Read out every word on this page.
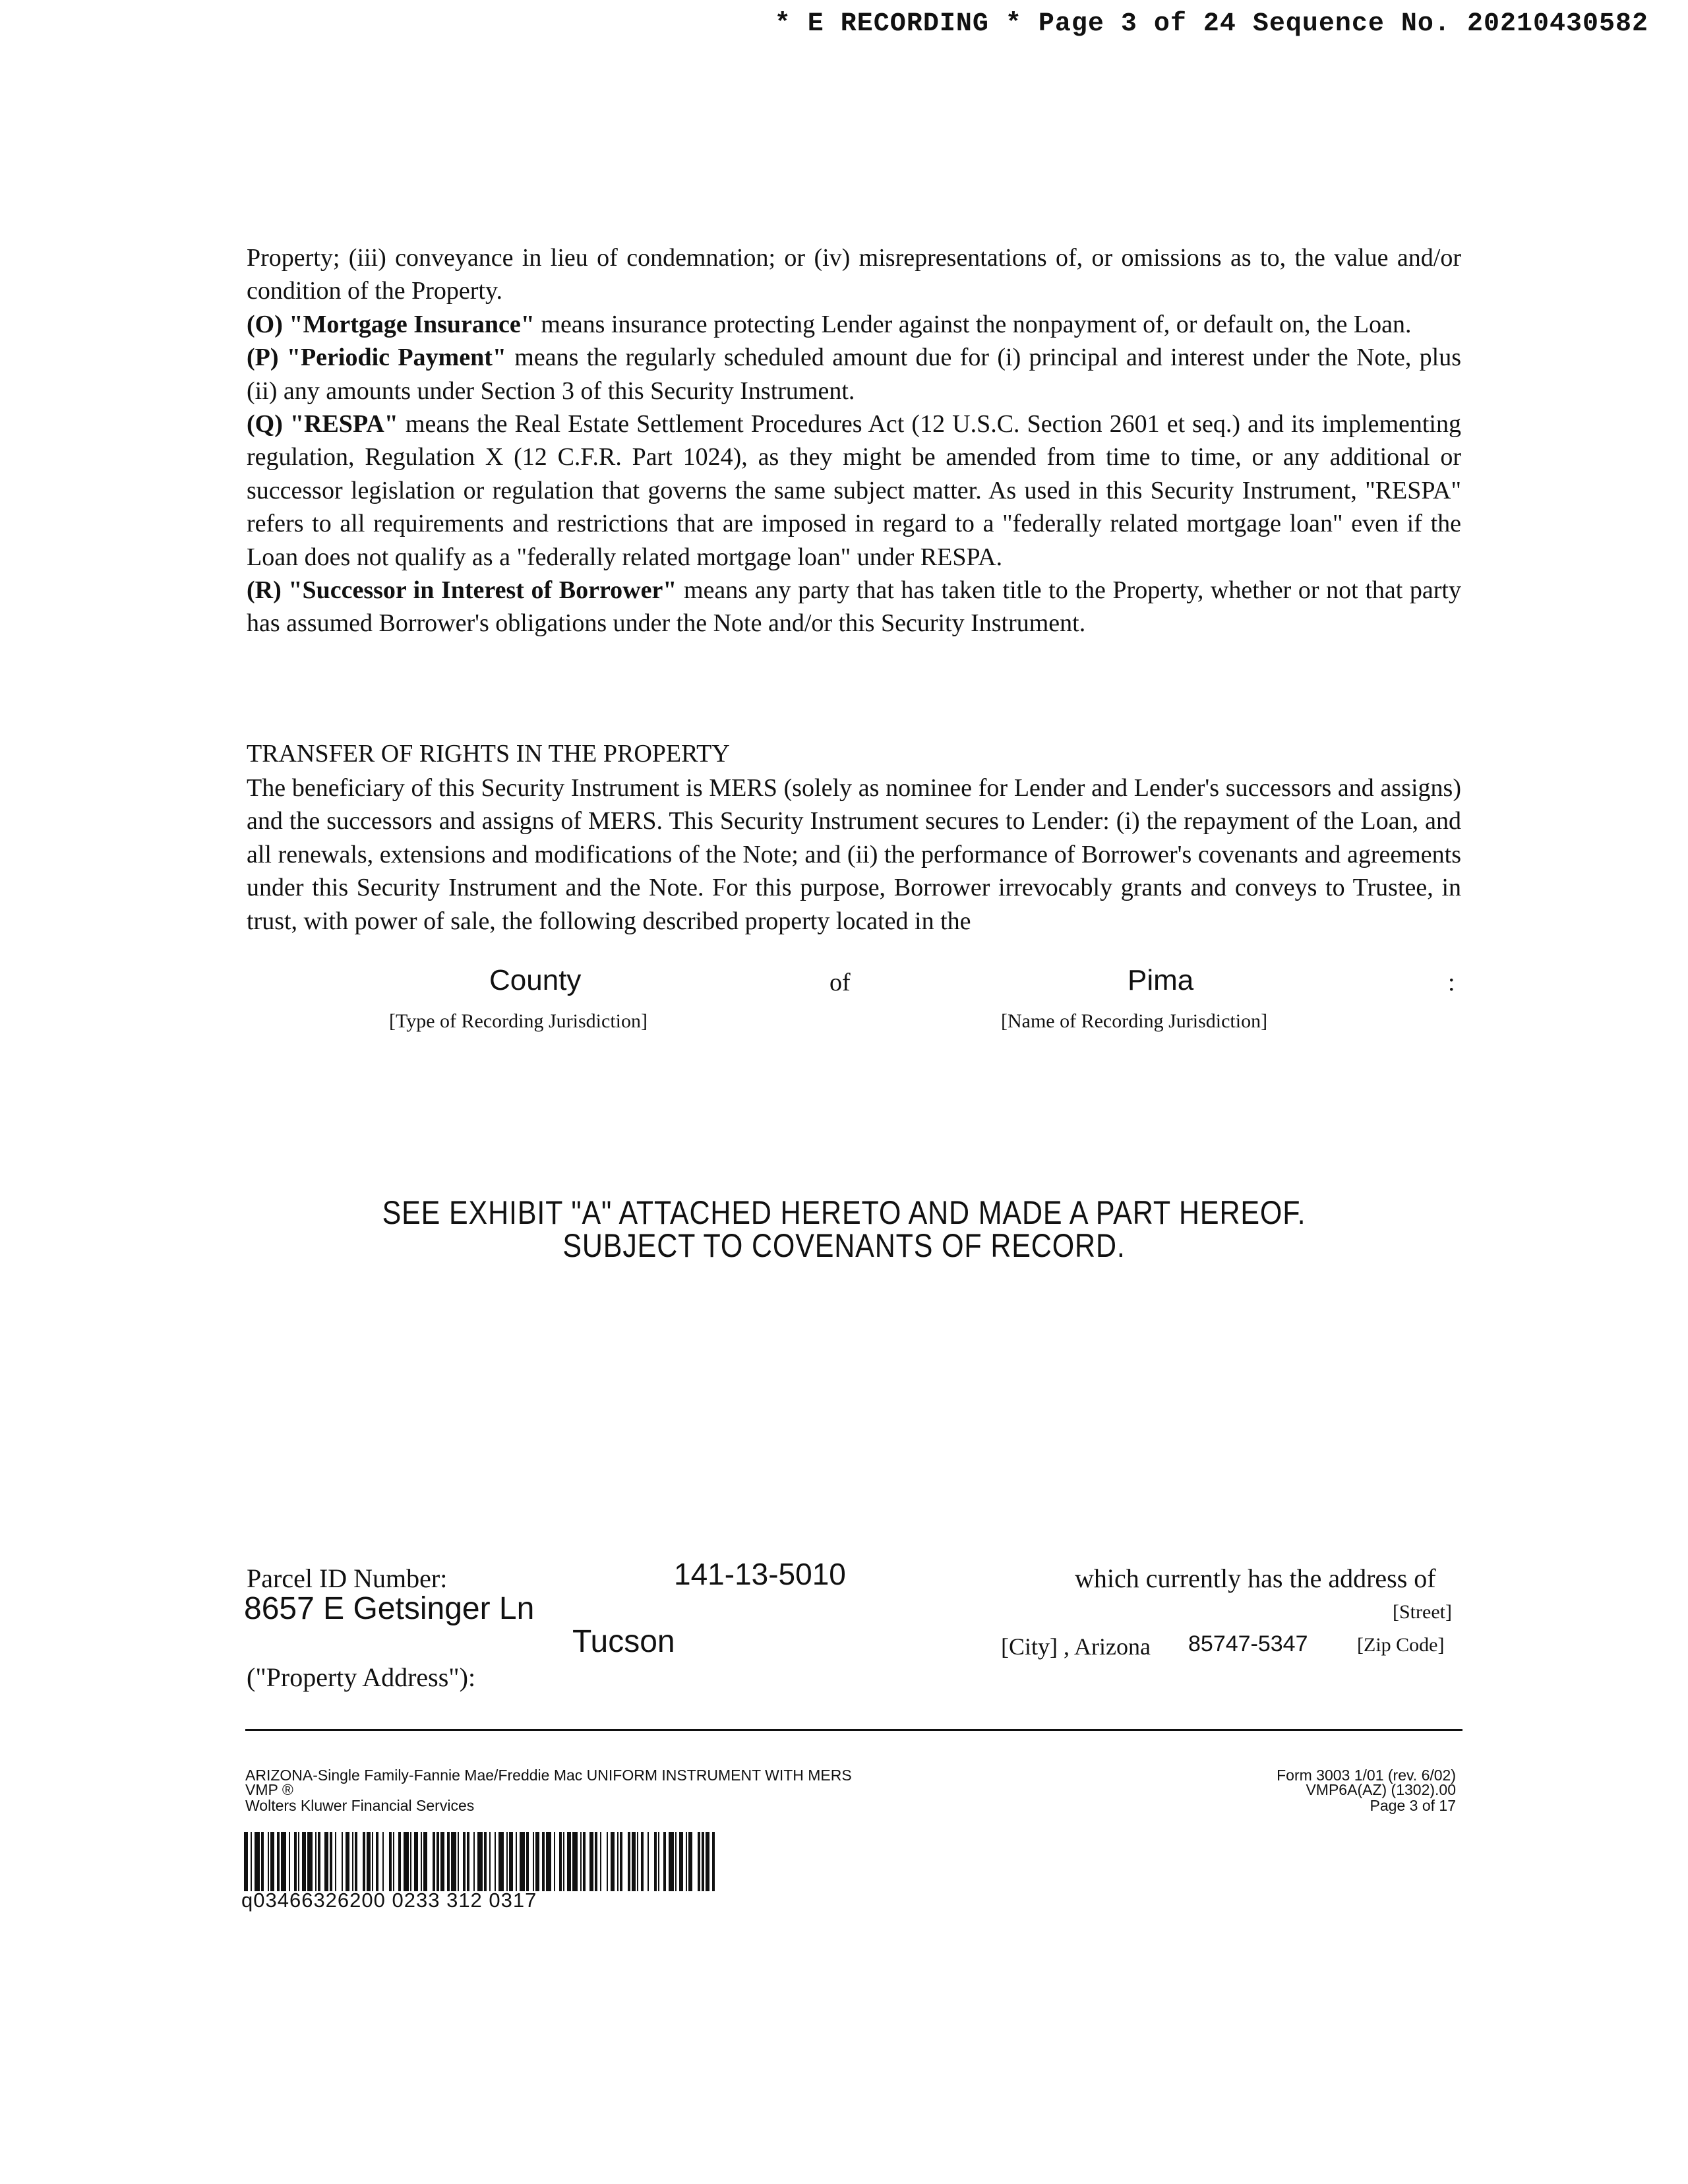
* E RECORDING * Page 3 of 24 Sequence No. 20210430582

Property; (iii) conveyance in lieu of condemnation; or (iv) misrepresentations of, or omissions as to, the value and/or condition of the Property.

(O) "Mortgage Insurance" means insurance protecting Lender against the nonpayment of, or default on, the Loan.

(P) "Periodic Payment" means the regularly scheduled amount due for (i) principal and interest under the Note, plus (ii) any amounts under Section 3 of this Security Instrument.

(Q) "RESPA" means the Real Estate Settlement Procedures Act (12 U.S.C. Section 2601 et seq.) and its implementing regulation, Regulation X (12 C.F.R. Part 1024), as they might be amended from time to time, or any additional or successor legislation or regulation that governs the same subject matter. As used in this Security Instrument, "RESPA" refers to all requirements and restrictions that are imposed in regard to a "federally related mortgage loan" even if the Loan does not qualify as a "federally related mortgage loan" under RESPA.

(R) "Successor in Interest of Borrower" means any party that has taken title to the Property, whether or not that party has assumed Borrower's obligations under the Note and/or this Security Instrument.

TRANSFER OF RIGHTS IN THE PROPERTY

The beneficiary of this Security Instrument is MERS (solely as nominee for Lender and Lender's successors and assigns) and the successors and assigns of MERS. This Security Instrument secures to Lender: (i) the repayment of the Loan, and all renewals, extensions and modifications of the Note; and (ii) the performance of Borrower's covenants and agreements under this Security Instrument and the Note. For this purpose, Borrower irrevocably grants and conveys to Trustee, in trust, with power of sale, the following described property located in the

County	of	Pima	:
[Type of Recording Jurisdiction]	[Name of Recording Jurisdiction]
SEE EXHIBIT "A" ATTACHED HERETO AND MADE A PART HEREOF.
SUBJECT TO COVENANTS OF RECORD.
Parcel ID Number:	141-13-5010	which currently has the address of
8657 E Getsinger Ln	[Street]
Tucson	[City] , Arizona 85747-5347 [Zip Code]
("Property Address"):
ARIZONA-Single Family-Fannie Mae/Freddie Mac UNIFORM INSTRUMENT WITH MERS
VMP ®
Wolters Kluwer Financial Services
Form 3003 1/01 (rev. 6/02)
VMP6A(AZ) (1302).00
Page 3 of 17
q03466326200 0233 312 0317
